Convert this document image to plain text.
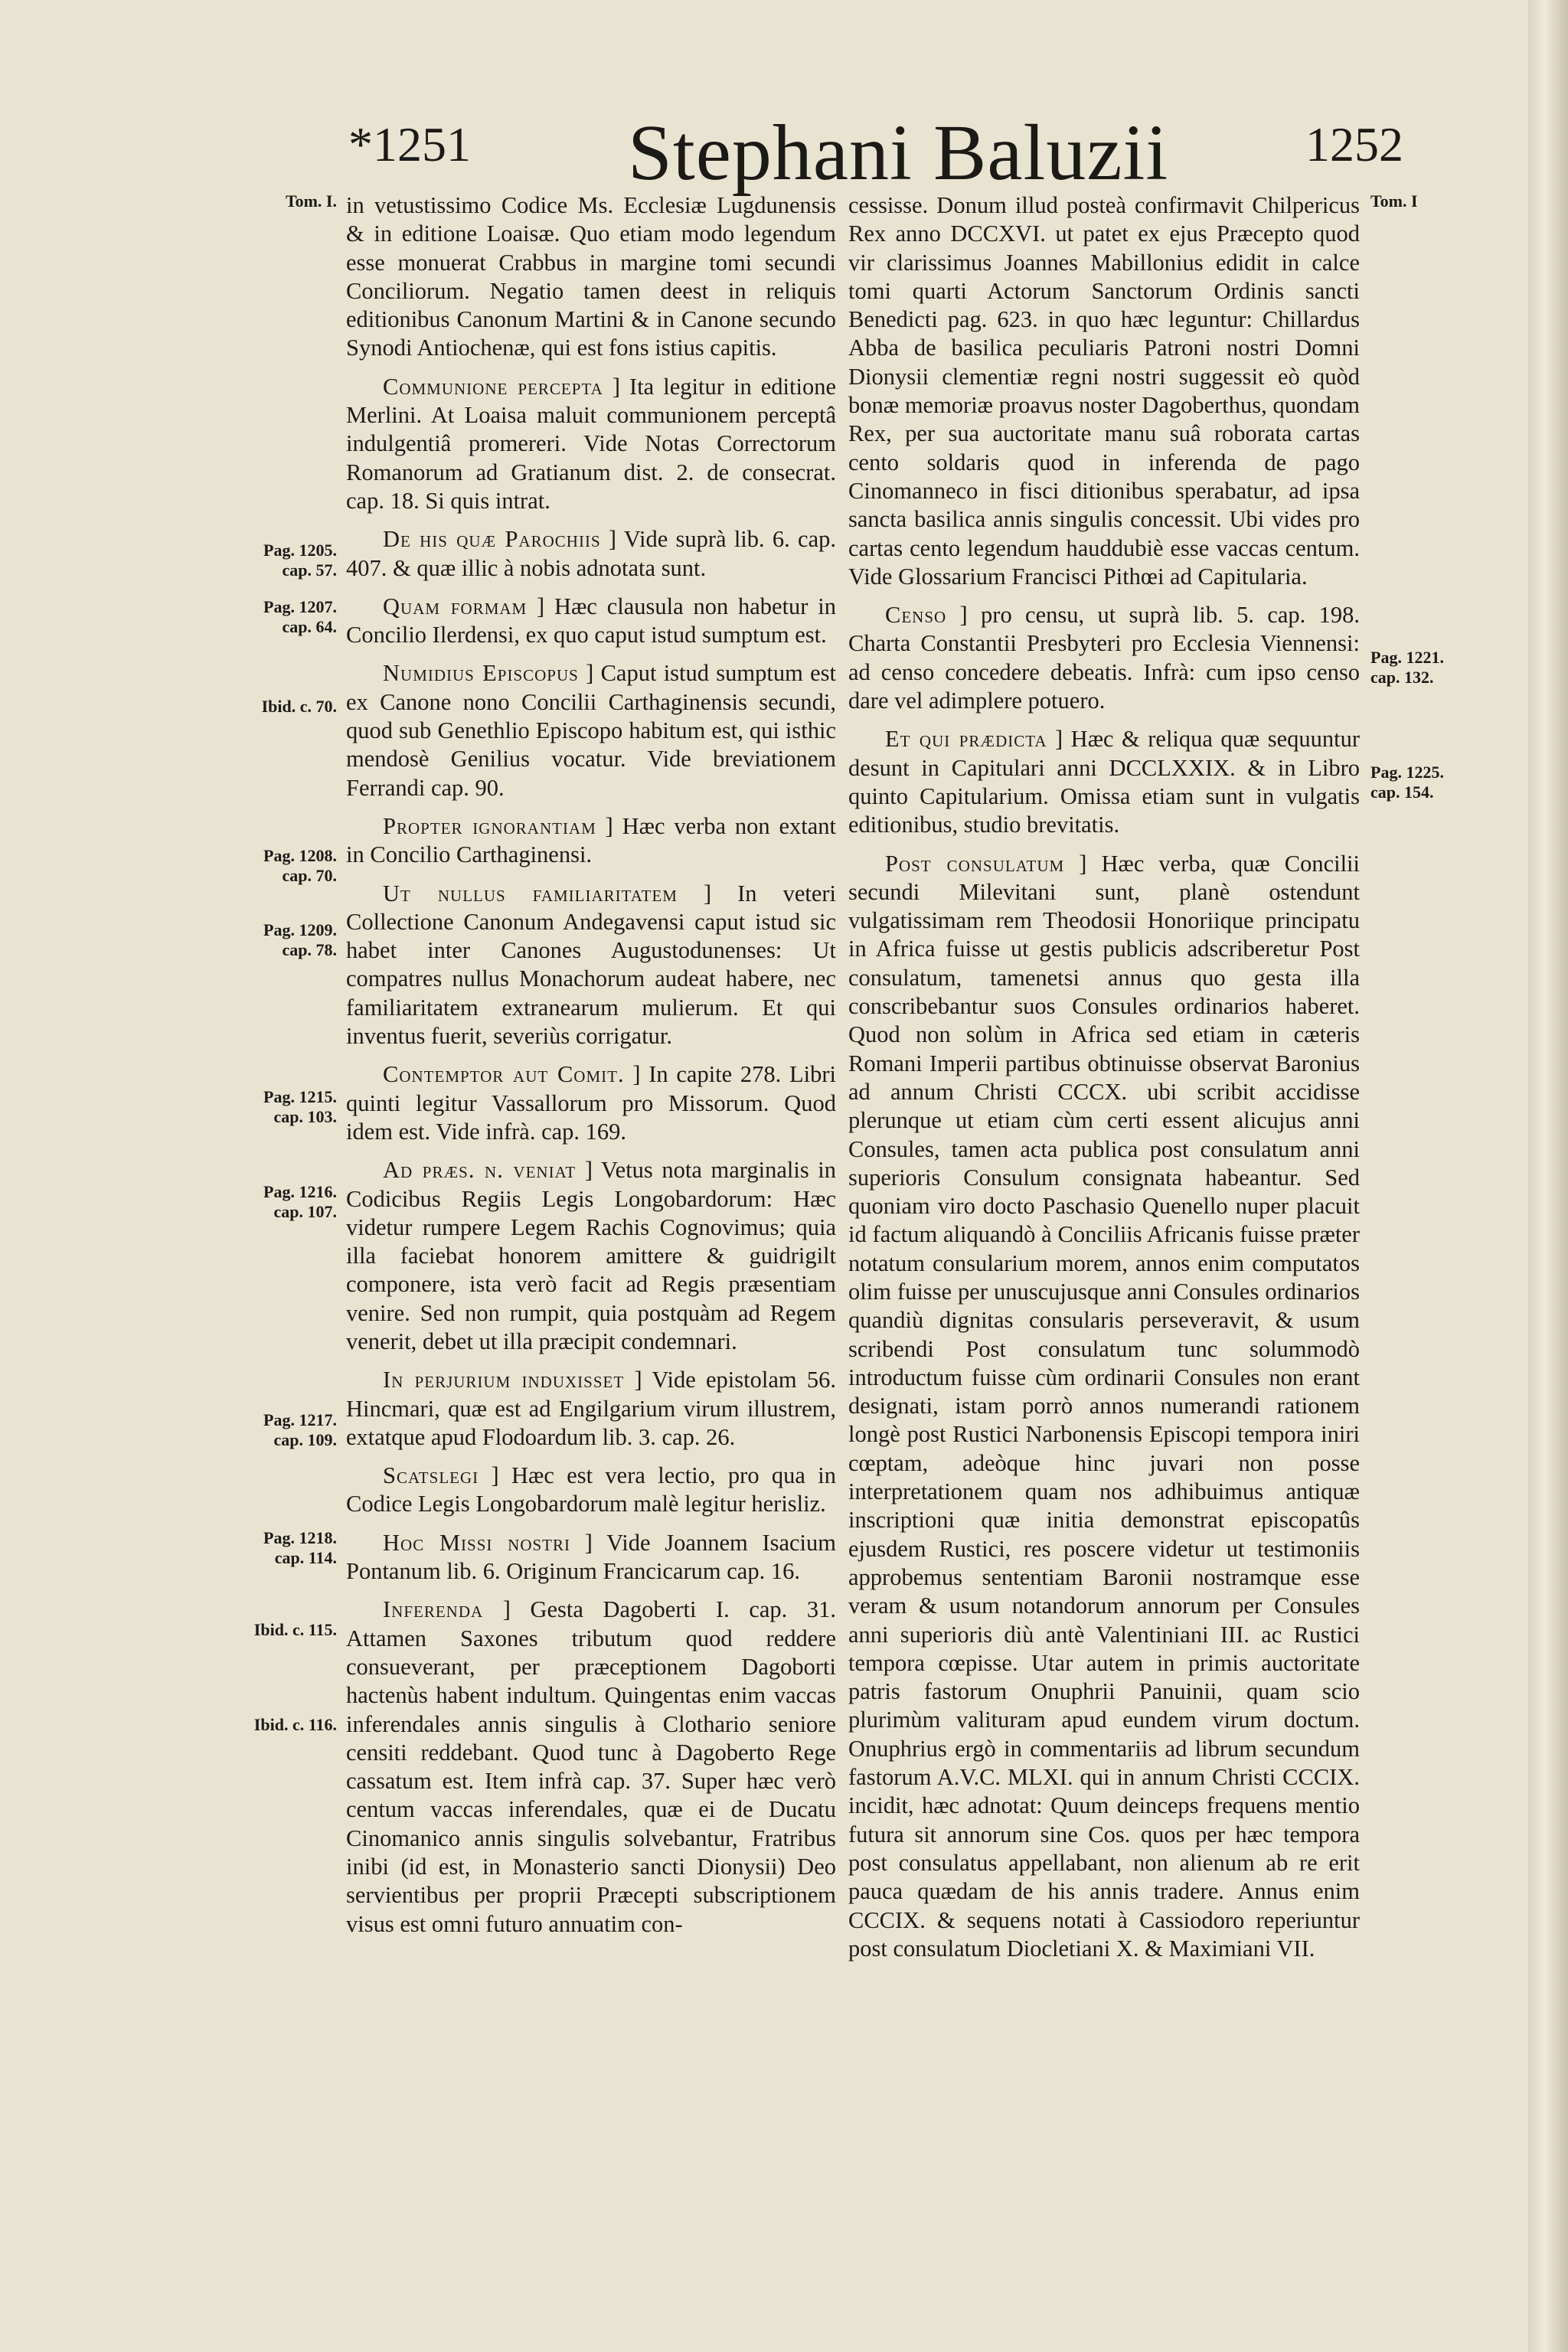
*1251 Stephani Baluzii	1252
Tom. I.
Pag. 1205.
cap. 57.
Pag. 1207.
cap. 64.
Ibid. c. 70.
Pag. 1208.
cap. 70.
Pag. 1209.
cap. 78.
Pag. 1215.
cap. 103.
Pag. 1216.
cap. 107.
Pag. 1217.
cap. 109.
Pag. 1218.
cap. 114.
Ibid. c. 115.
Ibid. c. 116.
Tom. I
Pag. 1221.
cap. 132.
Pag. 1225.
cap. 154.

in vetustissimo Codice Ms. Ecclesiæ Lugdunensis & in editione Loaisæ. Quo etiam modo legendum esse monuerat Crabbus in margine tomi secundi Conciliorum. Negatio tamen deest in reliquis editionibus Canonum Martini & in Canone secundo Synodi Antiochenæ, qui est fons istius capitis.

Communione percepta ] Ita legitur in editione Merlini. At Loaisa maluit communionem perceptâ indulgentiâ promereri. Vide Notas Correctorum Romanorum ad Gratianum dist. 2. de consecrat. cap. 18. Si quis intrat.

De his quæ Parochiis ] Vide suprà lib. 6. cap. 407. & quæ illic à nobis adnotata sunt.

Quam formam ] Hæc clausula non habetur in Concilio Ilerdensi, ex quo caput istud sumptum est.

Numidius Episcopus ] Caput istud sumptum est ex Canone nono Concilii Carthaginensis secundi, quod sub Genethlio Episcopo habitum est, qui isthic mendosè Genilius vocatur. Vide breviationem Ferrandi cap. 90.

Propter ignorantiam ] Hæc verba non extant in Concilio Carthaginensi.

Ut nullus familiaritatem ] In veteri Collectione Canonum Andegavensi caput istud sic habet inter Canones Augustodunenses: Ut compatres nullus Monachorum audeat habere, nec familiaritatem extranearum mulierum. Et qui inventus fuerit, severiùs corrigatur.

Contemptor aut Comit. ] In capite 278. Libri quinti legitur Vassallorum pro Missorum. Quod idem est. Vide infrà. cap. 169.

Ad præs. n. veniat ] Vetus nota marginalis in Codicibus Regiis Legis Longobardorum: Hæc videtur rumpere Legem Rachis Cognovimus; quia illa faciebat honorem amittere & guidrigilt componere, ista verò facit ad Regis præsentiam venire. Sed non rumpit, quia postquàm ad Regem venerit, debet ut illa præcipit condemnari.

In perjurium induxisset ] Vide epistolam 56. Hincmari, quæ est ad Engilgarium virum illustrem, extatque apud Flodoardum lib. 3. cap. 26.

Scatslegi ] Hæc est vera lectio, pro qua in Codice Legis Longobardorum malè legitur herisliz.

Hoc Missi nostri ] Vide Joannem Isacium Pontanum lib. 6. Originum Francicarum cap. 16.

Inferenda ] Gesta Dagoberti I. cap. 31. Attamen Saxones tributum quod reddere consueverant, per præceptionem Dagoborti hactenùs habent indultum. Quingentas enim vaccas inferendales annis singulis à Clothario seniore censiti reddebant. Quod tunc à Dagoberto Rege cassatum est. Item infrà cap. 37. Super hæc verò centum vaccas inferendales, quæ ei de Ducatu Cinomanico annis singulis solvebantur, Fratribus inibi (id est, in Monasterio sancti Dionysii) Deo servientibus per proprii Præcepti subscriptionem visus est omni futuro annuatim con-

cessisse. Donum illud posteà confirmavit Chilpericus Rex anno DCCXVI. ut patet ex ejus Præcepto quod vir clarissimus Joannes Mabillonius edidit in calce tomi quarti Actorum Sanctorum Ordinis sancti Benedicti pag. 623. in quo hæc leguntur: Chillardus Abba de basilica peculiaris Patroni nostri Domni Dionysii clementiæ regni nostri suggessit eò quòd bonæ memoriæ proavus noster Dagoberthus, quondam Rex, per sua auctoritate manu suâ roborata cartas cento soldaris quod in inferenda de pago Cinomanneco in fisci ditionibus sperabatur, ad ipsa sancta basilica annis singulis concessit. Ubi vides pro cartas cento legendum hauddubiè esse vaccas centum. Vide Glossarium Francisci Pithœi ad Capitularia.

Censo ] pro censu, ut suprà lib. 5. cap. 198. Charta Constantii Presbyteri pro Ecclesia Viennensi: ad censo concedere debeatis. Infrà: cum ipso censo dare vel adimplere potuero.

Et qui prædicta ] Hæc & reliqua quæ sequuntur desunt in Capitulari anni DCCLXXIX. & in Libro quinto Capitularium. Omissa etiam sunt in vulgatis editionibus, studio brevitatis.

Post consulatum ] Hæc verba, quæ Concilii secundi Milevitani sunt, planè ostendunt vulgatissimam rem Theodosii Honoriique principatu in Africa fuisse ut gestis publicis adscriberetur Post consulatum, tamenetsi annus quo gesta illa conscribebantur suos Consules ordinarios haberet. Quod non solùm in Africa sed etiam in cæteris Romani Imperii partibus obtinuisse observat Baronius ad annum Christi CCCX. ubi scribit accidisse plerunque ut etiam cùm certi essent alicujus anni Consules, tamen acta publica post consulatum anni superioris Consulum consignata habeantur. Sed quoniam viro docto Paschasio Quenello nuper placuit id factum aliquandò à Conciliis Africanis fuisse præter notatum consularium morem, annos enim computatos olim fuisse per unuscujusque anni Consules ordinarios quandiù dignitas consularis perseveravit, & usum scribendi Post consulatum tunc solummodò introductum fuisse cùm ordinarii Consules non erant designati, istam porrò annos numerandi rationem longè post Rustici Narbonensis Episcopi tempora iniri cœptam, adeòque hinc juvari non posse interpretationem quam nos adhibuimus antiquæ inscriptioni quæ initia demonstrat episcopatûs ejusdem Rustici, res poscere videtur ut testimoniis approbemus sententiam Baronii nostramque esse veram & usum notandorum annorum per Consules anni superioris diù antè Valentiniani III. ac Rustici tempora cœpisse. Utar autem in primis auctoritate patris fastorum Onuphrii Panuinii, quam scio plurimùm valituram apud eundem virum doctum. Onuphrius ergò in commentariis ad librum secundum fastorum A.V.C. MLXI. qui in annum Christi CCCIX. incidit, hæc adnotat: Quum deinceps frequens mentio futura sit annorum sine Cos. quos per hæc tempora post consulatus appellabant, non alienum ab re erit pauca quædam de his annis tradere. Annus enim CCCIX. & sequens notati à Cassiodoro reperiuntur post consulatum Diocletiani X. & Maximiani VII.
